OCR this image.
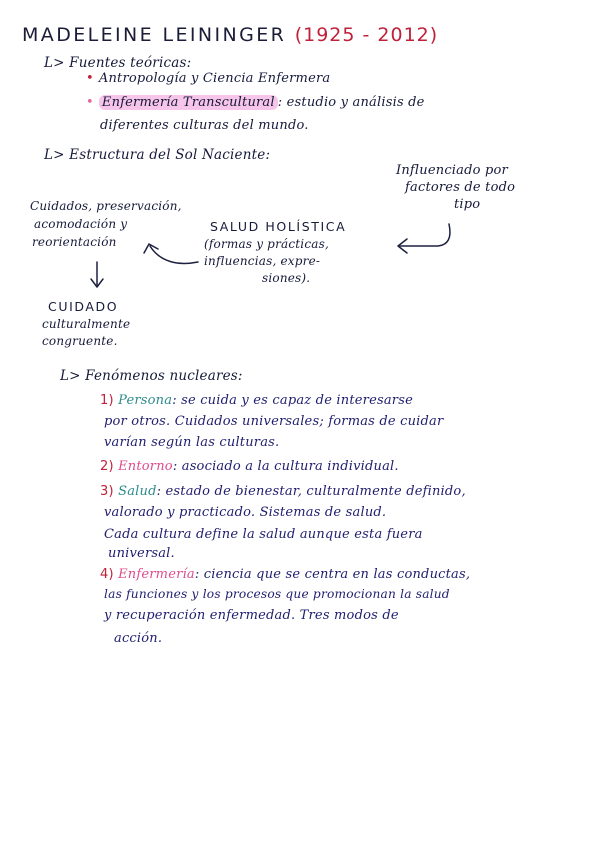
MADELEINE LEININGER (1925 - 2012)
L> Fuentes teóricas:
• Antropología y Ciencia Enfermera
• Enfermería Transcultural : estudio y análisis de
diferentes culturas del mundo.
L> Estructura del Sol Naciente:
Influenciado por
factores de todo
tipo
Cuidados, preservación,
acomodación y
reorientación
SALUD HOLÍSTICA
(formas y prácticas,
influencias, expre-
siones).
CUIDADO
culturalmente
congruente.
L> Fenómenos nucleares:
1) Persona: se cuida y es capaz de interesarse
por otros. Cuidados universales; formas de cuidar
varían según las culturas.
2) Entorno: asociado a la cultura individual.
3) Salud: estado de bienestar, culturalmente definido,
valorado y practicado. Sistemas de salud.
Cada cultura define la salud aunque esta fuera
universal.
4) Enfermería: ciencia que se centra en las conductas,
las funciones y los procesos que promocionan la salud
y recuperación enfermedad. Tres modos de
acción.
